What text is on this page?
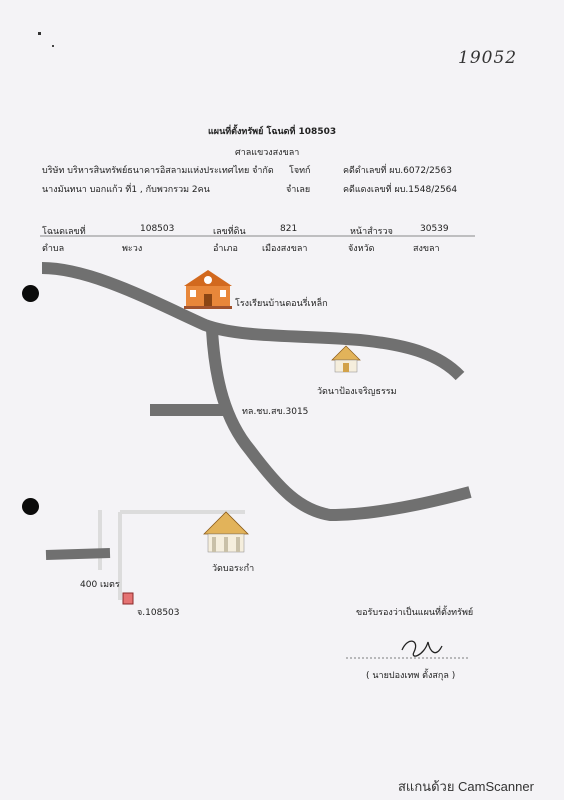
19052
แผนที่ตั้งทรัพย์ โฉนดที่ 108503
ศาลแขวงสงขลา
บริษัท บริหารสินทรัพย์ธนาคารอิสลามแห่งประเทศไทย จำกัด โจทก์	คดีดำเลขที่ ผบ.6072/2563
นางมันทนา บอกแก้ว ที่1 , กับพวกรวม 2คน	จำเลย	คดีแดงเลขที่ ผบ.1548/2564
โฉนดเลขที่	108503	เลขที่ดิน	821	หน้าสำรวจ	30539
ตำบล	พะวง	อำเภอ	เมืองสงขลา	จังหวัด	สงขลา
โรงเรียนบ้านดอนรี่เหล็ก
วัดนาป้องเจริญธรรม
ทล.ชบ.สข.3015
วัดบอระกำ
400 เมตร
จ.108503	ขอรับรองว่าเป็นแผนที่ตั้งทรัพย์
( นายปองเทพ ตั้งสกุล )
สแกนด้วย CamScanner
